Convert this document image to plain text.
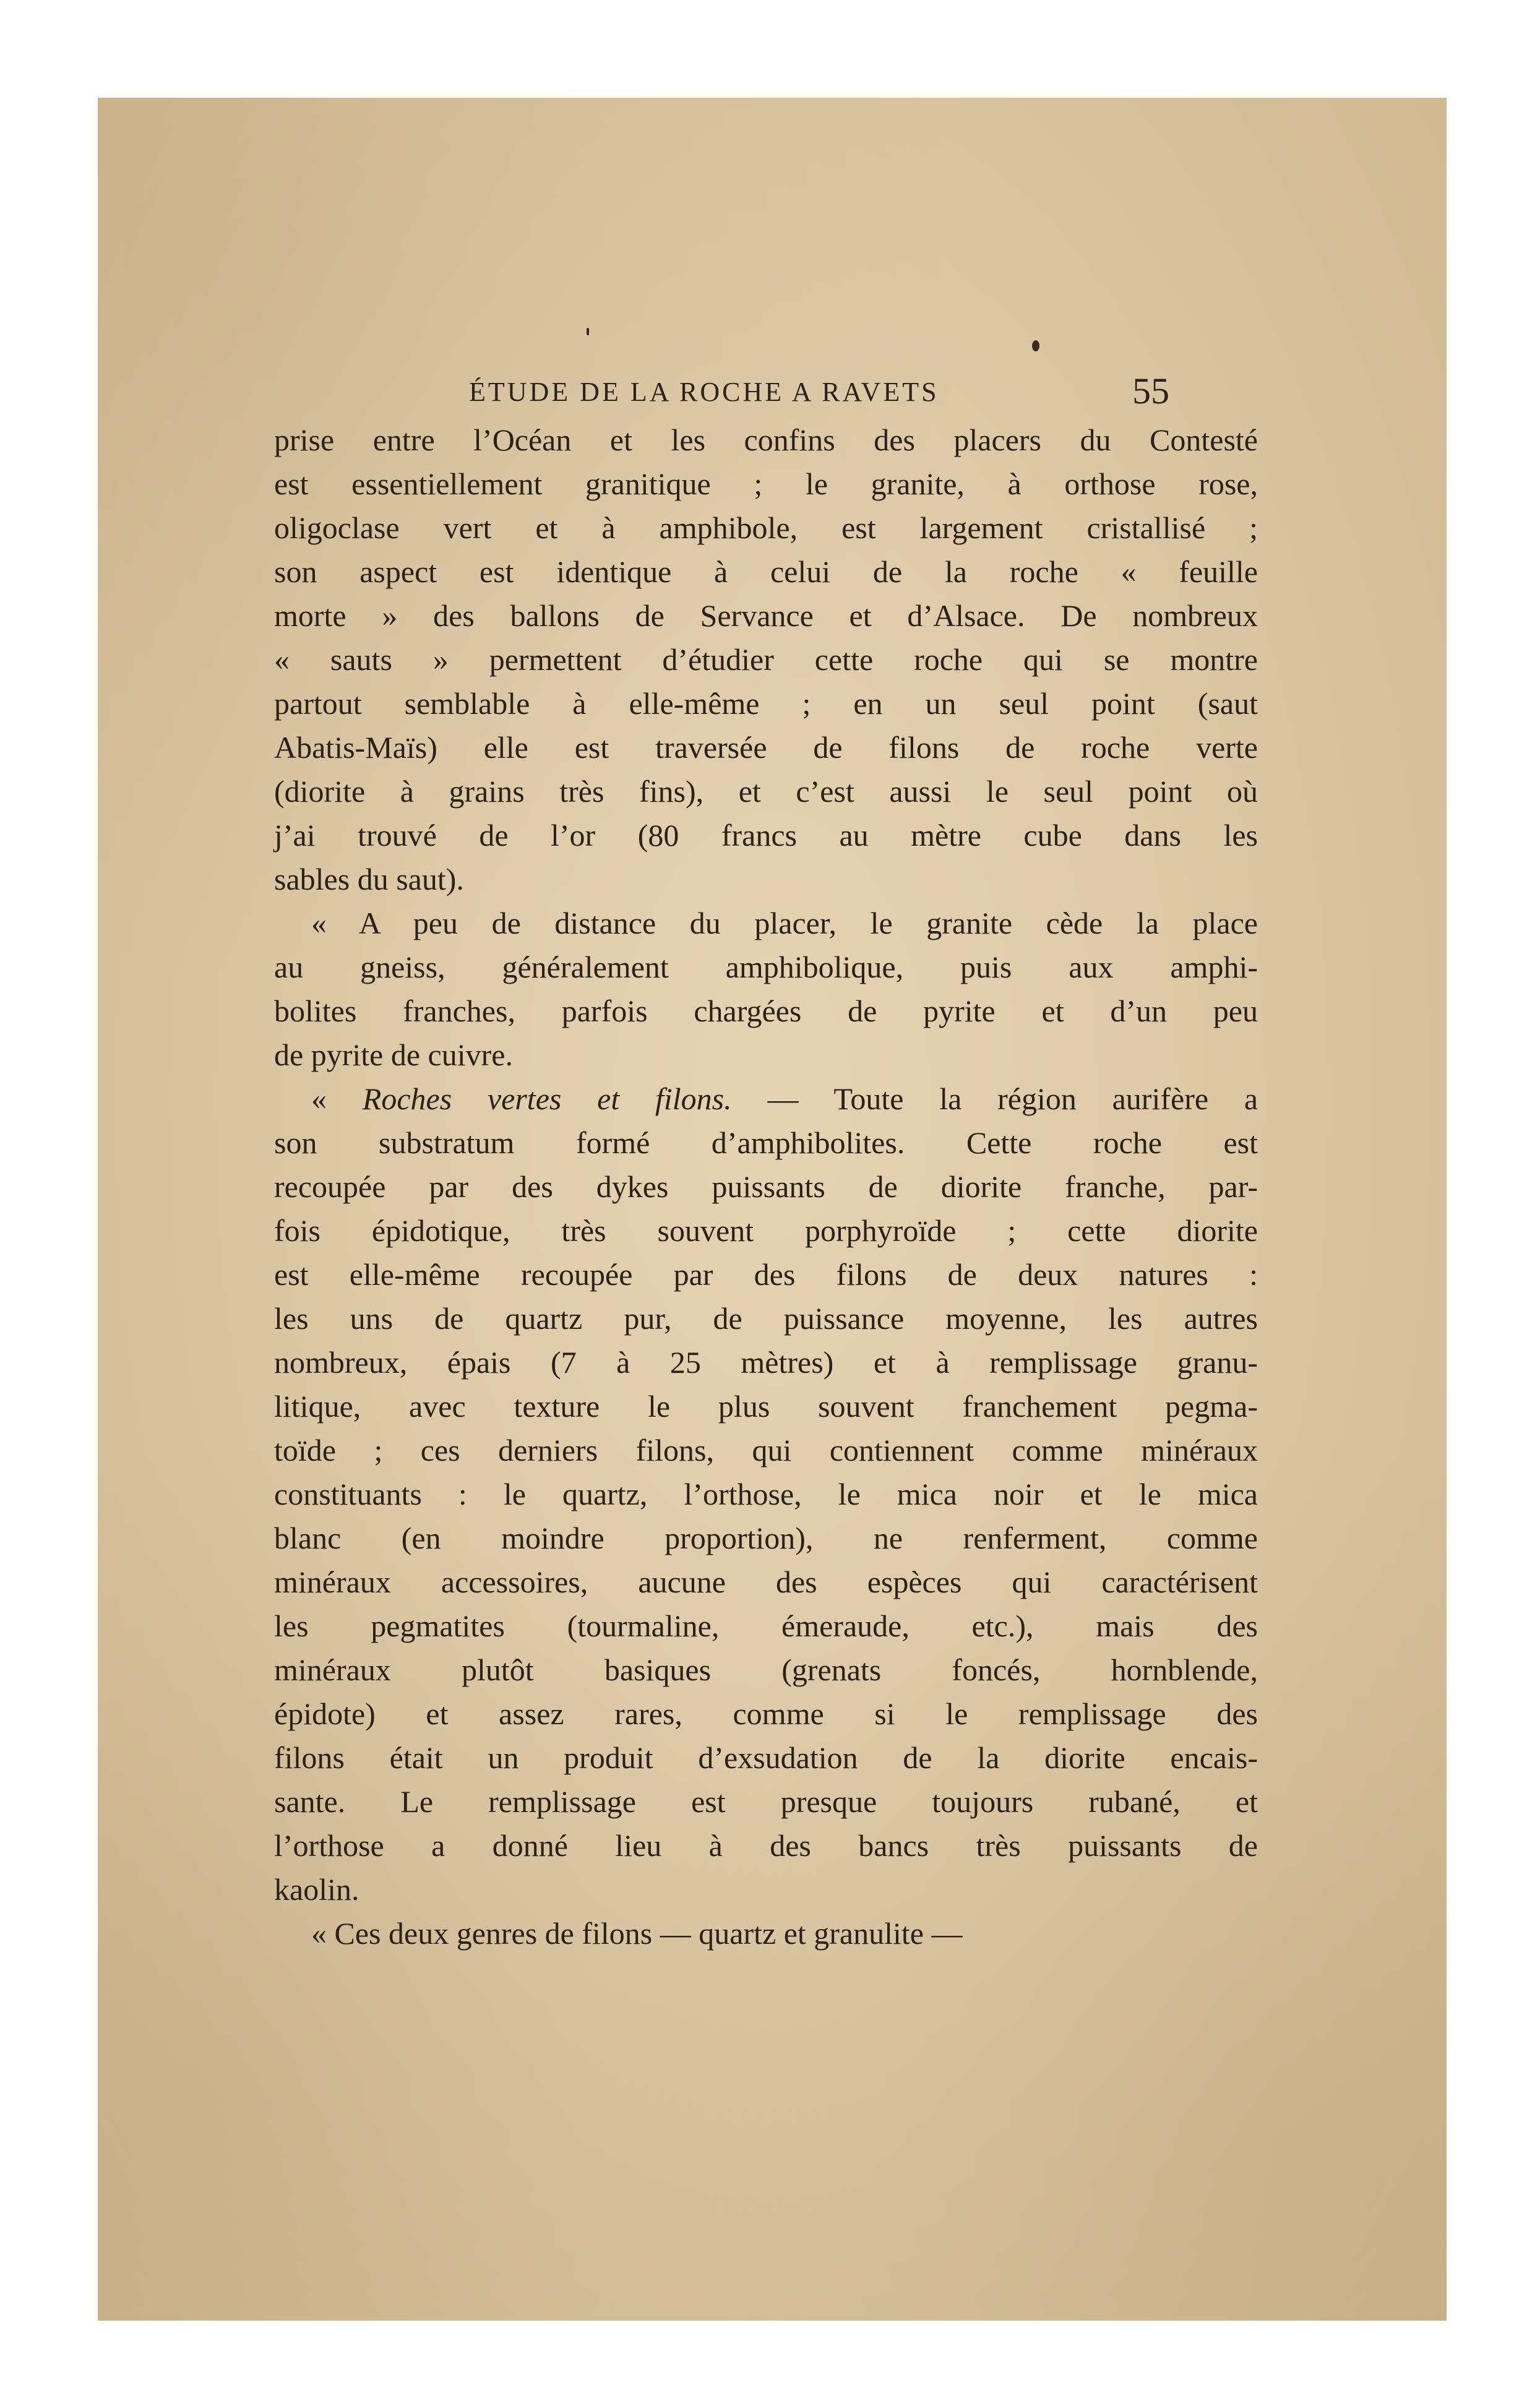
ÉTUDE DE LA ROCHE A RAVETS	55
prise entre l’Océan et les confins des placers du Contesté
est essentiellement granitique ; le granite, à orthose rose,
oligoclase vert et à amphibole, est largement cristallisé ;
son aspect est identique à celui de la roche « feuille
morte » des ballons de Servance et d’Alsace. De nombreux
« sauts » permettent d’étudier cette roche qui se montre
partout semblable à elle-même ; en un seul point (saut
Abatis-Maïs) elle est traversée de filons de roche verte
(diorite à grains très fins), et c’est aussi le seul point où
j’ai trouvé de l’or (80 francs au mètre cube dans les
sables du saut).
« A peu de distance du placer, le granite cède la place
au gneiss, généralement amphibolique, puis aux amphi-
bolites franches, parfois chargées de pyrite et d’un peu
de pyrite de cuivre.
« Roches vertes et filons. — Toute la région aurifère a
son substratum formé d’amphibolites. Cette roche est
recoupée par des dykes puissants de diorite franche, par-
fois épidotique, très souvent porphyroïde ; cette diorite
est elle-même recoupée par des filons de deux natures :
les uns de quartz pur, de puissance moyenne, les autres
nombreux, épais (7 à 25 mètres) et à remplissage granu-
litique, avec texture le plus souvent franchement pegma-
toïde ; ces derniers filons, qui contiennent comme minéraux
constituants : le quartz, l’orthose, le mica noir et le mica
blanc (en moindre proportion), ne renferment, comme
minéraux accessoires, aucune des espèces qui caractérisent
les pegmatites (tourmaline, émeraude, etc.), mais des
minéraux plutôt basiques (grenats foncés, hornblende,
épidote) et assez rares, comme si le remplissage des
filons était un produit d’exsudation de la diorite encais-
sante. Le remplissage est presque toujours rubané, et
l’orthose a donné lieu à des bancs très puissants de
kaolin.
« Ces deux genres de filons — quartz et granulite —
